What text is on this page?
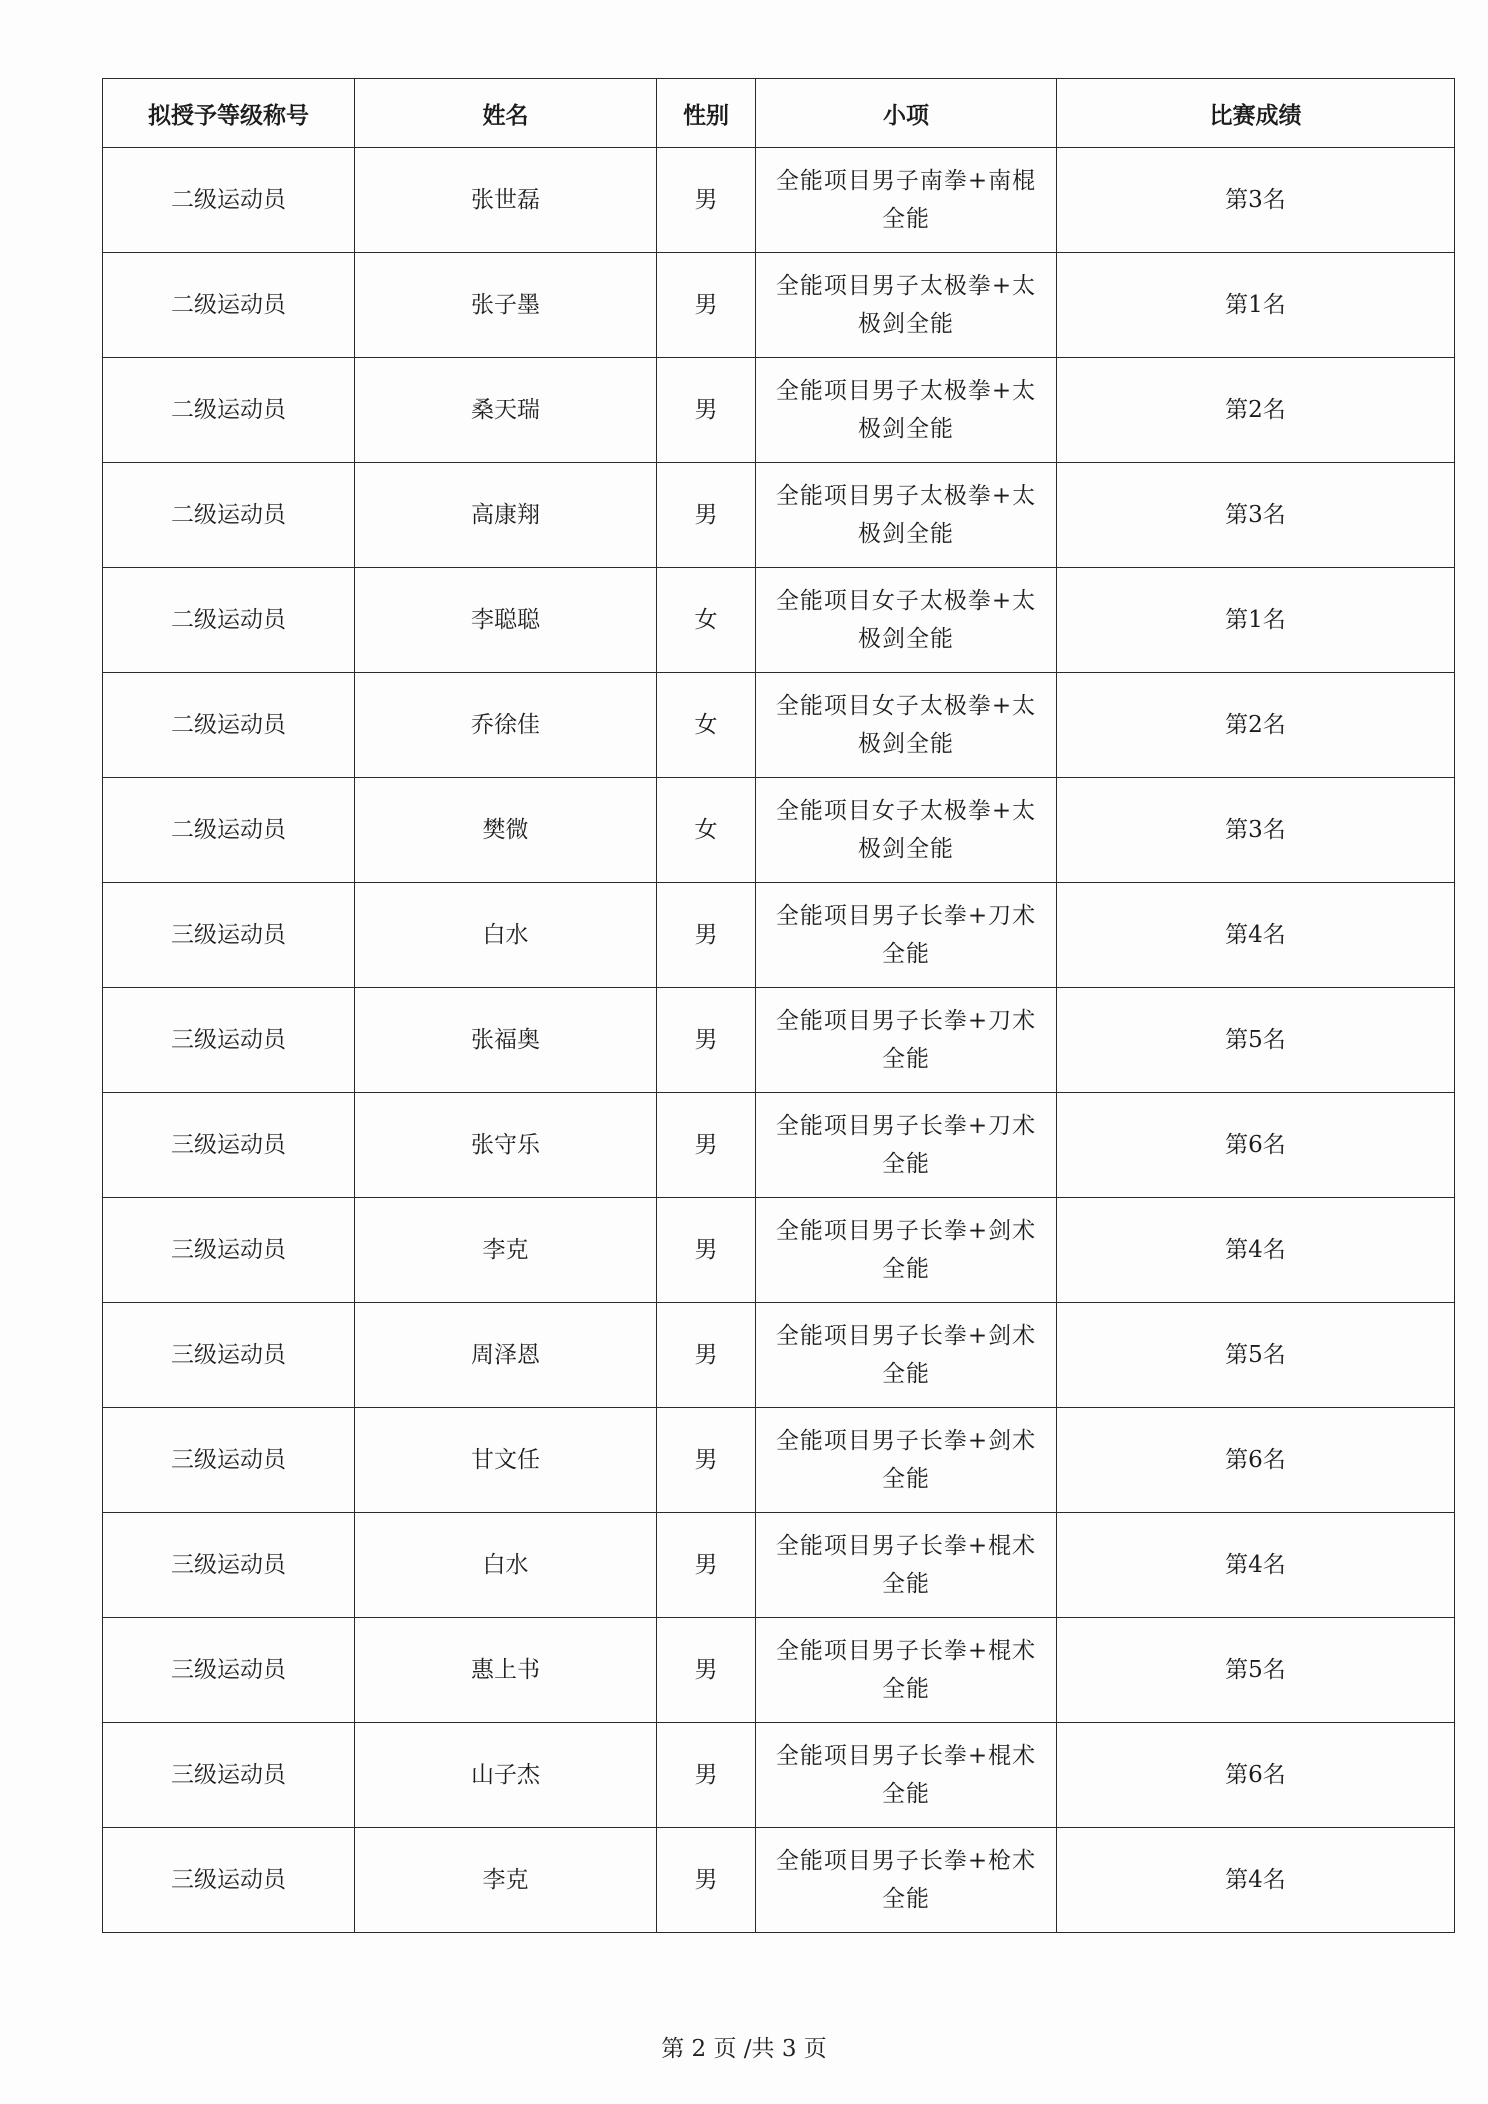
拟授予等级称号	姓名	性别	小项	比赛成绩
二级运动员	张世磊	男	全能项目男子南拳+南棍全能	第3名
二级运动员	张子墨	男	全能项目男子太极拳+太极剑全能	第1名
二级运动员	桑天瑞	男	全能项目男子太极拳+太极剑全能	第2名
二级运动员	高康翔	男	全能项目男子太极拳+太极剑全能	第3名
二级运动员	李聪聪	女	全能项目女子太极拳+太极剑全能	第1名
二级运动员	乔徐佳	女	全能项目女子太极拳+太极剑全能	第2名
二级运动员	樊微	女	全能项目女子太极拳+太极剑全能	第3名
三级运动员	白水	男	全能项目男子长拳+刀术全能	第4名
三级运动员	张福奥	男	全能项目男子长拳+刀术全能	第5名
三级运动员	张守乐	男	全能项目男子长拳+刀术全能	第6名
三级运动员	李克	男	全能项目男子长拳+剑术全能	第4名
三级运动员	周泽恩	男	全能项目男子长拳+剑术全能	第5名
三级运动员	甘文任	男	全能项目男子长拳+剑术全能	第6名
三级运动员	白水	男	全能项目男子长拳+棍术全能	第4名
三级运动员	惠上书	男	全能项目男子长拳+棍术全能	第5名
三级运动员	山子杰	男	全能项目男子长拳+棍术全能	第6名
三级运动员	李克	男	全能项目男子长拳+枪术全能	第4名
第 2 页 /共 3 页
